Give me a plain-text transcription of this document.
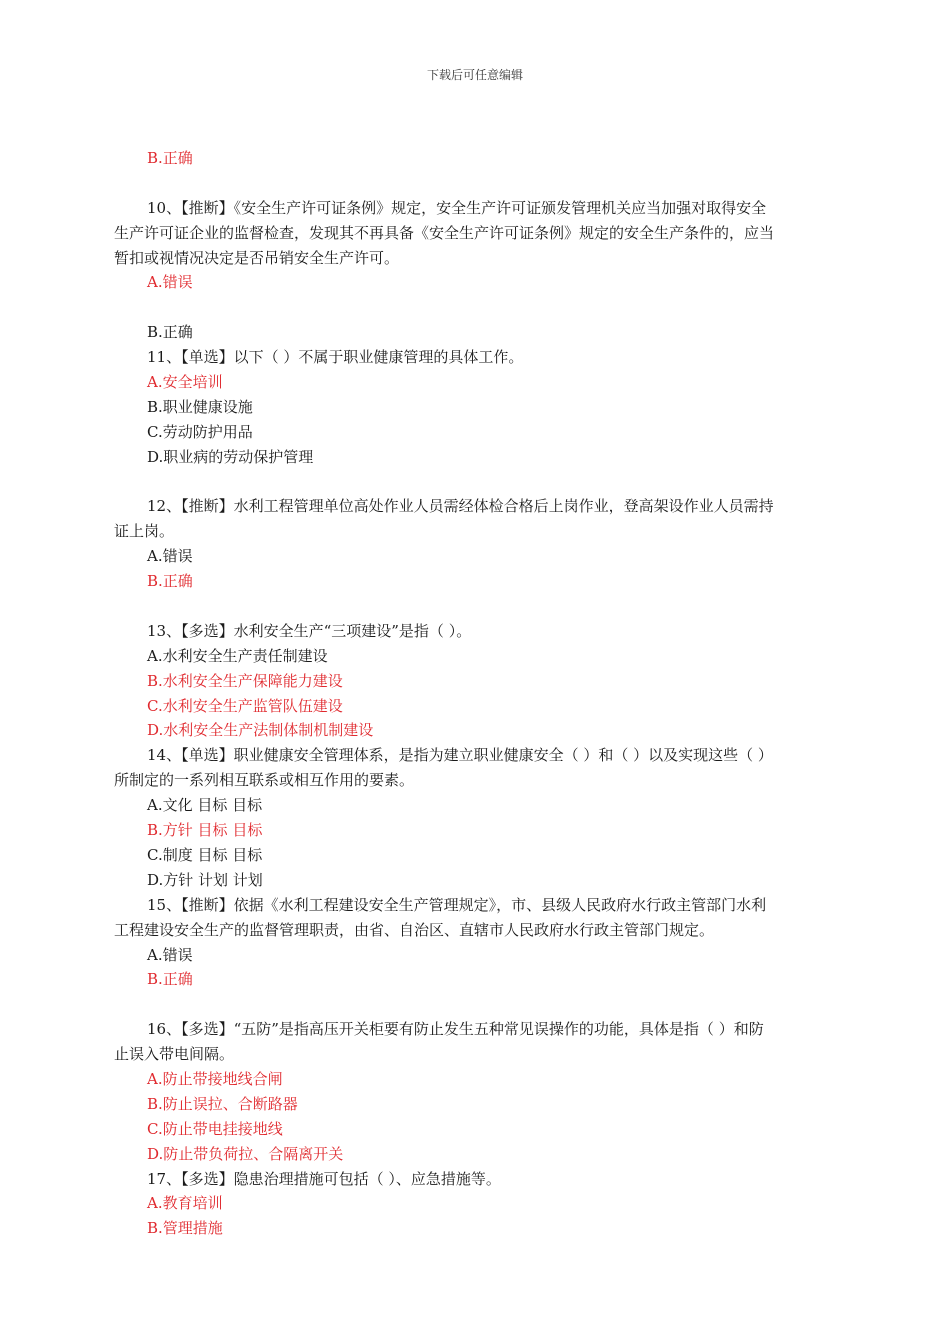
下载后可任意编辑
B.正确
10、【推断】《安全生产许可证条例》规定，安全生产许可证颁发管理机关应当加强对取得安全
生产许可证企业的监督检查，发现其不再具备《安全生产许可证条例》规定的安全生产条件的，应当
暂扣或视情况决定是否吊销安全生产许可。
A.错误
B.正确
11、【单选】以下（ ）不属于职业健康管理的具体工作。
A.安全培训
B.职业健康设施
C.劳动防护用品
D.职业病的劳动保护管理
12、【推断】水利工程管理单位高处作业人员需经体检合格后上岗作业，登高架设作业人员需持
证上岗。
A.错误
B.正确
13、【多选】水利安全生产“三项建设”是指（ ）。
A.水利安全生产责任制建设
B.水利安全生产保障能力建设
C.水利安全生产监管队伍建设
D.水利安全生产法制体制机制建设
14、【单选】职业健康安全管理体系，是指为建立职业健康安全（ ）和（ ）以及实现这些（ ）
所制定的一系列相互联系或相互作用的要素。
A.文化 目标 目标
B.方针 目标 目标
C.制度 目标 目标
D.方针 计划 计划
15、【推断】依据《水利工程建设安全生产管理规定》，市、县级人民政府水行政主管部门水利
工程建设安全生产的监督管理职责，由省、自治区、直辖市人民政府水行政主管部门规定。
A.错误
B.正确
16、【多选】“五防”是指高压开关柜要有防止发生五种常见误操作的功能，具体是指（ ）和防
止误入带电间隔。
A.防止带接地线合闸
B.防止误拉、合断路器
C.防止带电挂接地线
D.防止带负荷拉、合隔离开关
17、【多选】隐患治理措施可包括（ ）、应急措施等。
A.教育培训
B.管理措施
